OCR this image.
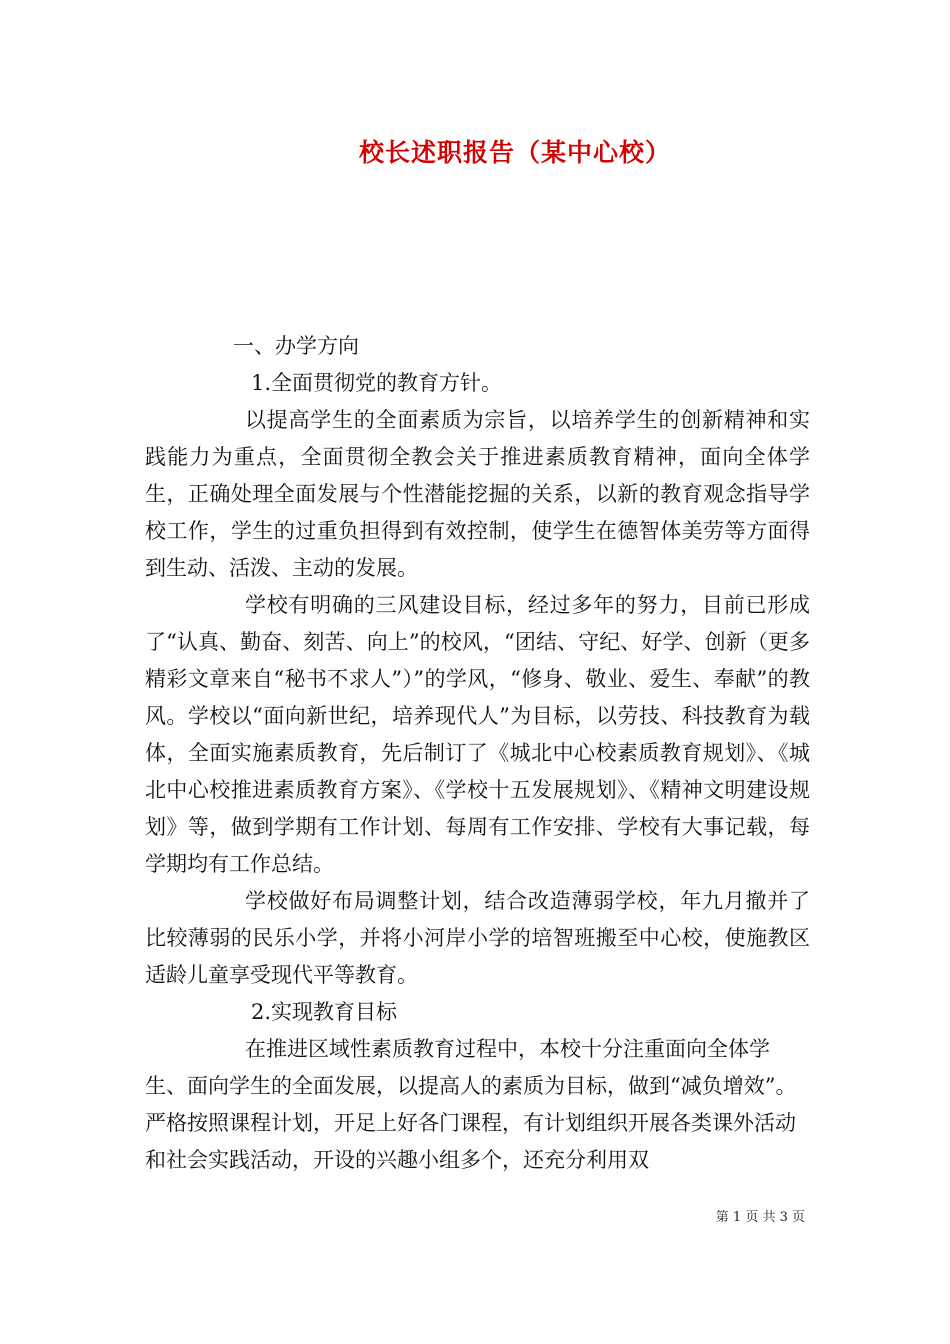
校长述职报告（某中心校）

一、办学方向

1.全面贯彻党的教育方针。

以提高学生的全面素质为宗旨，以培养学生的创新精神和实践能力为重点，全面贯彻全教会关于推进素质教育精神，面向全体学生，正确处理全面发展与个性潜能挖掘的关系，以新的教育观念指导学校工作，学生的过重负担得到有效控制，使学生在德智体美劳等方面得到生动、活泼、主动的发展。

学校有明确的三风建设目标，经过多年的努力，目前已形成了“认真、勤奋、刻苦、向上”的校风，“团结、守纪、好学、创新（更多精彩文章来自“秘书不求人”）”的学风，“修身、敬业、爱生、奉献”的教风。学校以“面向新世纪，培养现代人”为目标，以劳技、科技教育为载体，全面实施素质教育，先后制订了《城北中心校素质教育规划》、《城北中心校推进素质教育方案》、《学校十五发展规划》、《精神文明建设规划》等，做到学期有工作计划、每周有工作安排、学校有大事记载，每学期均有工作总结。

学校做好布局调整计划，结合改造薄弱学校，年九月撤并了比较薄弱的民乐小学，并将小河岸小学的培智班搬至中心校，使施教区适龄儿童享受现代平等教育。

2.实现教育目标

在推进区域性素质教育过程中，本校十分注重面向全体学生、面向学生的全面发展，以提高人的素质为目标，做到“减负增效”。严格按照课程计划，开足上好各门课程，有计划组织开展各类课外活动和社会实践活动，开设的兴趣小组多个，还充分利用双

第 1 页 共 3 页
